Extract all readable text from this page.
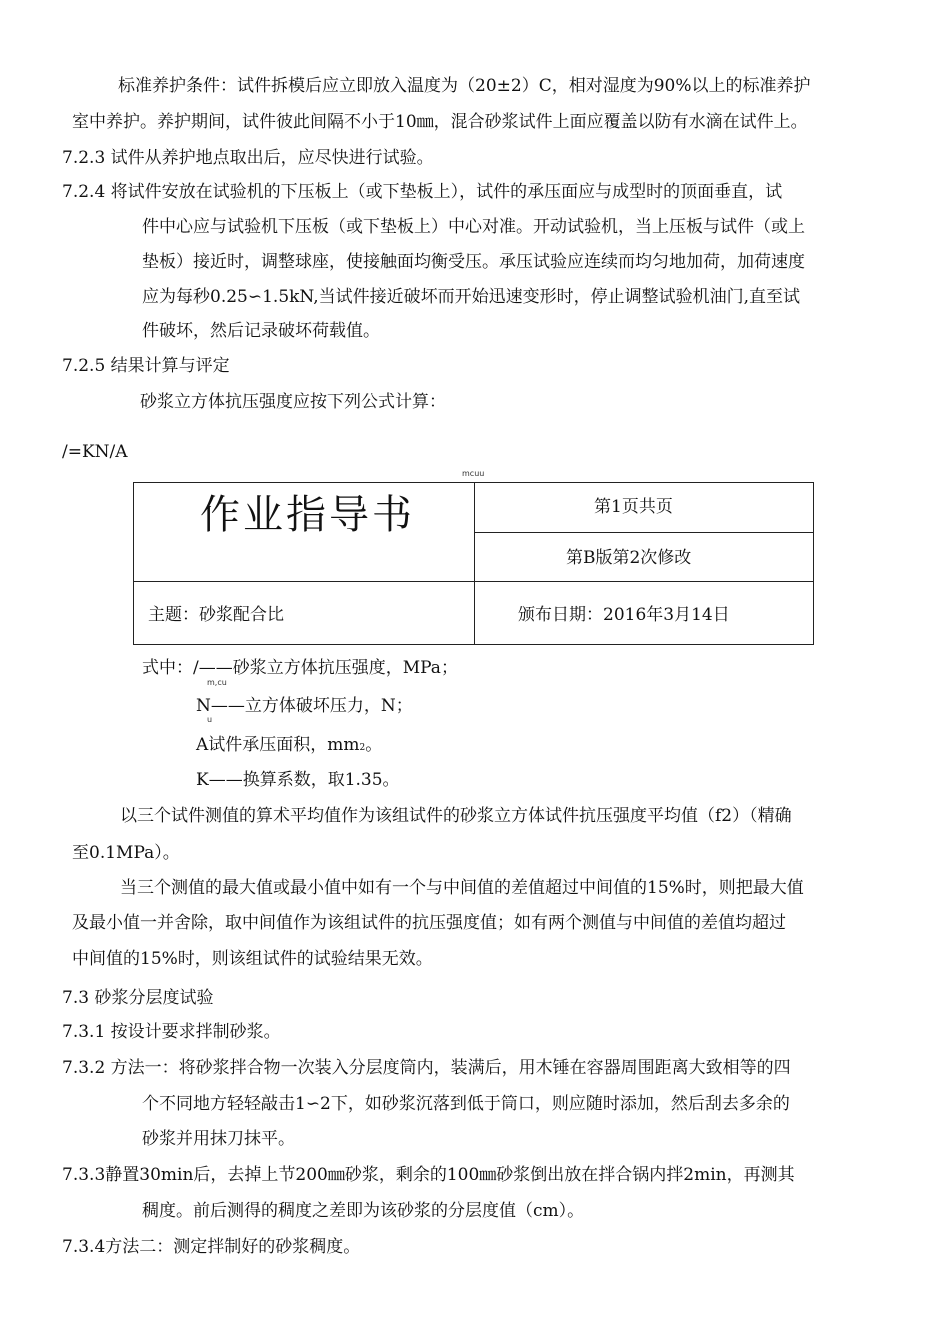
标准养护条件：试件拆模后应立即放入温度为（20±2）C，相对湿度为90%以上的标准养护
室中养护。养护期间，试件彼此间隔不小于10㎜，混合砂浆试件上面应覆盖以防有水滴在试件上。
7.2.3 试件从养护地点取出后，应尽快进行试验。
7.2.4 将试件安放在试验机的下压板上（或下垫板上），试件的承压面应与成型时的顶面垂直，试
件中心应与试验机下压板（或下垫板上）中心对准。开动试验机，当上压板与试件（或上
垫板）接近时，调整球座，使接触面均衡受压。承压试验应连续而均匀地加荷，加荷速度
应为每秒0.25∽1.5kN,当试件接近破坏而开始迅速变形时，停止调整试验机油门,直至试
件破坏，然后记录破坏荷载值。
7.2.5 结果计算与评定
砂浆立方体抗压强度应按下列公式计算：
/=KN/A
mcuu
作业指导书	第1页共页
第B版第2次修改
主题：砂浆配合比	颁布日期：2016年3月14日
式中：/——砂浆立方体抗压强度，MPa；
m,cu
N——立方体破坏压力，N；
u
A试件承压面积，mm2。
K——换算系数，取1.35。
以三个试件测值的算术平均值作为该组试件的砂浆立方体试件抗压强度平均值（f2）（精确
至0.1MPa）。
当三个测值的最大值或最小值中如有一个与中间值的差值超过中间值的15%时，则把最大值
及最小值一并舍除，取中间值作为该组试件的抗压强度值；如有两个测值与中间值的差值均超过
中间值的15%时，则该组试件的试验结果无效。
7.3 砂浆分层度试验
7.3.1 按设计要求拌制砂浆。
7.3.2 方法一：将砂浆拌合物一次装入分层度筒内，装满后，用木锤在容器周围距离大致相等的四
个不同地方轻轻敲击1∽2下，如砂浆沉落到低于筒口，则应随时添加，然后刮去多余的
砂浆并用抹刀抹平。
7.3.3静置30min后，去掉上节200㎜砂浆，剩余的100㎜砂浆倒出放在拌合锅内拌2min，再测其
稠度。前后测得的稠度之差即为该砂浆的分层度值（cm）。
7.3.4方法二：测定拌制好的砂浆稠度。
